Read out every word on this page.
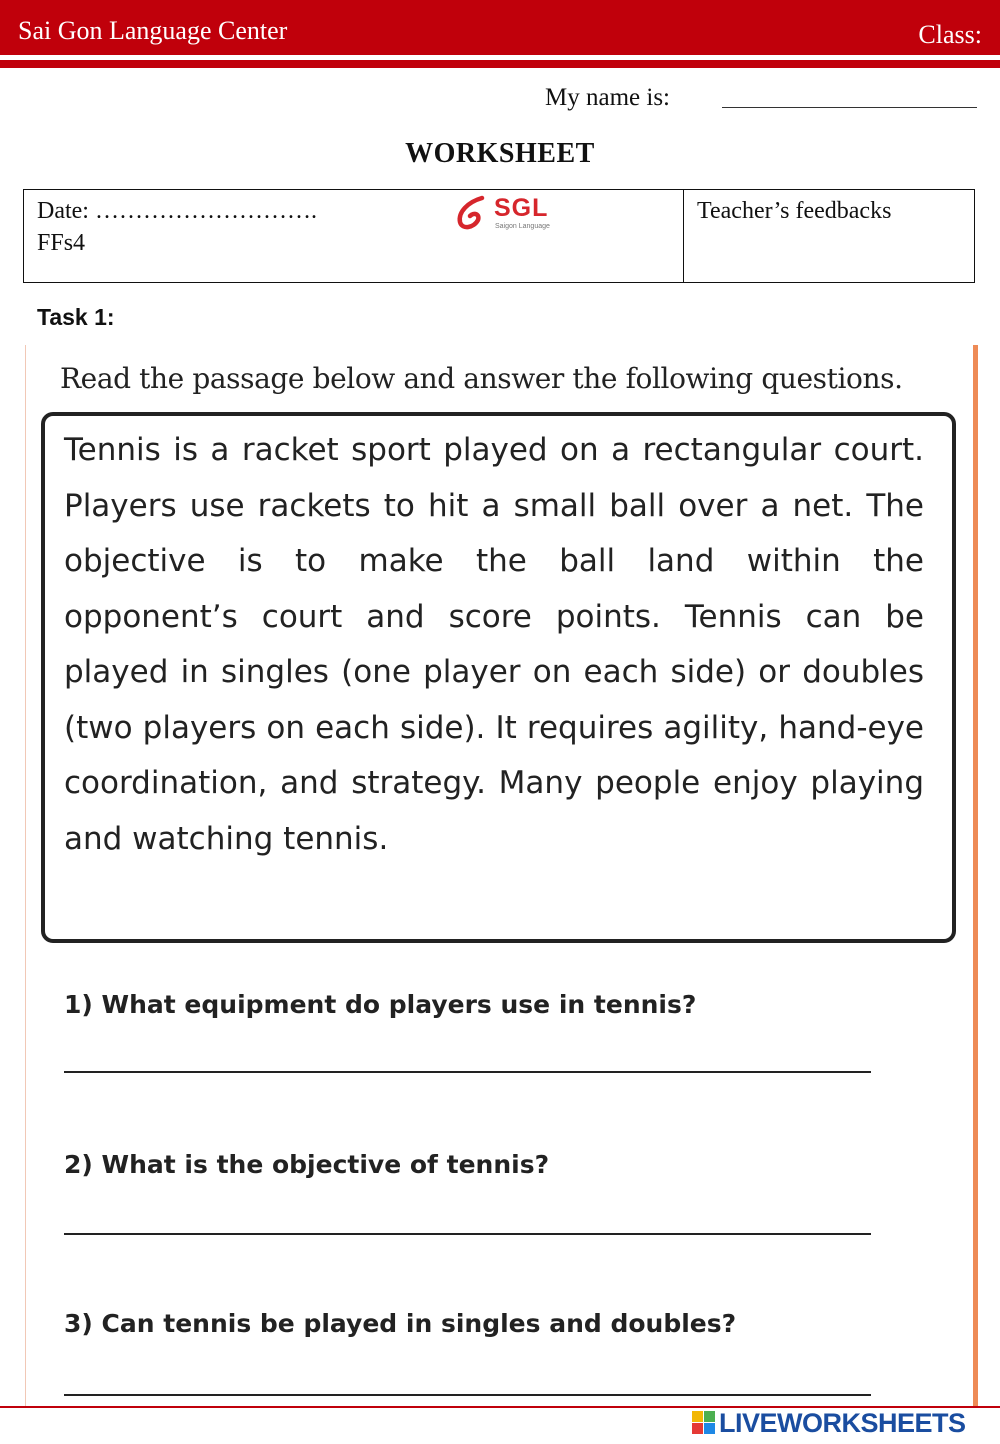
Sai Gon Language Center	Class:
My name is:
WORKSHEET
Date: ……………………….
FFs4
SGL
Saigon Language
Teacher’s feedbacks
Task 1:
Read the passage below and answer the following questions.
Tennis is a racket sport played on a rectangular court. Players use rackets to hit a small ball over a net. The objective is to make the ball land within the opponent’s court and score points. Tennis can be played in singles (one player on each side) or doubles (two players on each side). It requires agility, hand-eye coordination, and strategy. Many people enjoy playing and watching tennis.
1) What equipment do players use in tennis?
2) What is the objective of tennis?
3) Can tennis be played in singles and doubles?
LIVEWORKSHEETS
